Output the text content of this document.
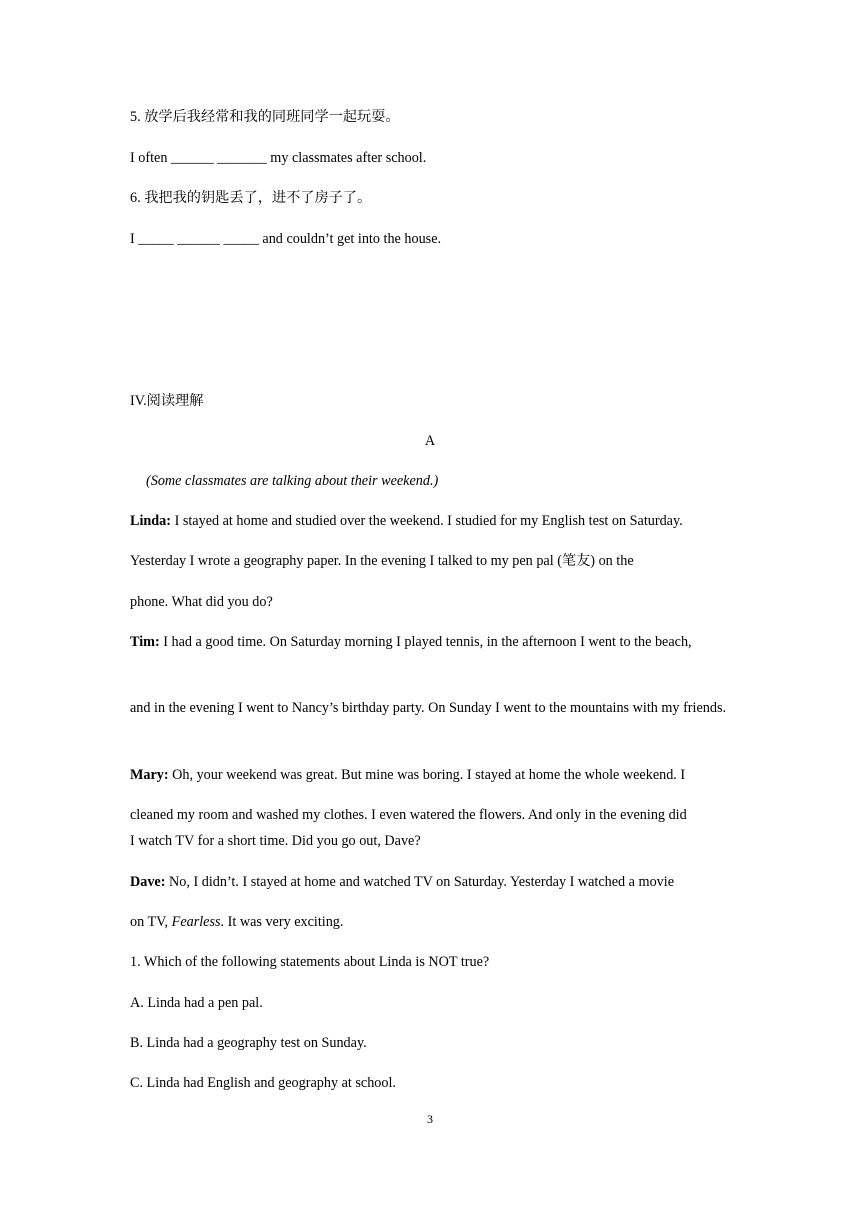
5. 放学后我经常和我的同班同学一起玩耍。
I often ______ _______ my classmates after school.
6. 我把我的钥匙丢了，进不了房子了。
I _____ ______ _____ and couldn’t get into the house.
IV.阅读理解
A
(Some classmates are talking about their weekend.)
Linda: I stayed at home and studied over the weekend. I studied for my English test on Saturday.
Yesterday I wrote a geography paper. In the evening I talked to my pen pal (笔友) on the
phone. What did you do?
Tim: I had a good time. On Saturday morning I played tennis, in the afternoon I went to the beach,
and in the evening I went to Nancy’s birthday party. On Sunday I went to the mountains with my friends.
Mary: Oh, your weekend was great. But mine was boring. I stayed at home the whole weekend. I
cleaned my room and washed my clothes. I even watered the flowers. And only in the evening did
I watch TV for a short time. Did you go out, Dave?
Dave: No, I didn’t. I stayed at home and watched TV on Saturday. Yesterday I watched a movie
on TV, Fearless. It was very exciting.
1. Which of the following statements about Linda is NOT true?
A. Linda had a pen pal.
B. Linda had a geography test on Sunday.
C. Linda had English and geography at school.
3
